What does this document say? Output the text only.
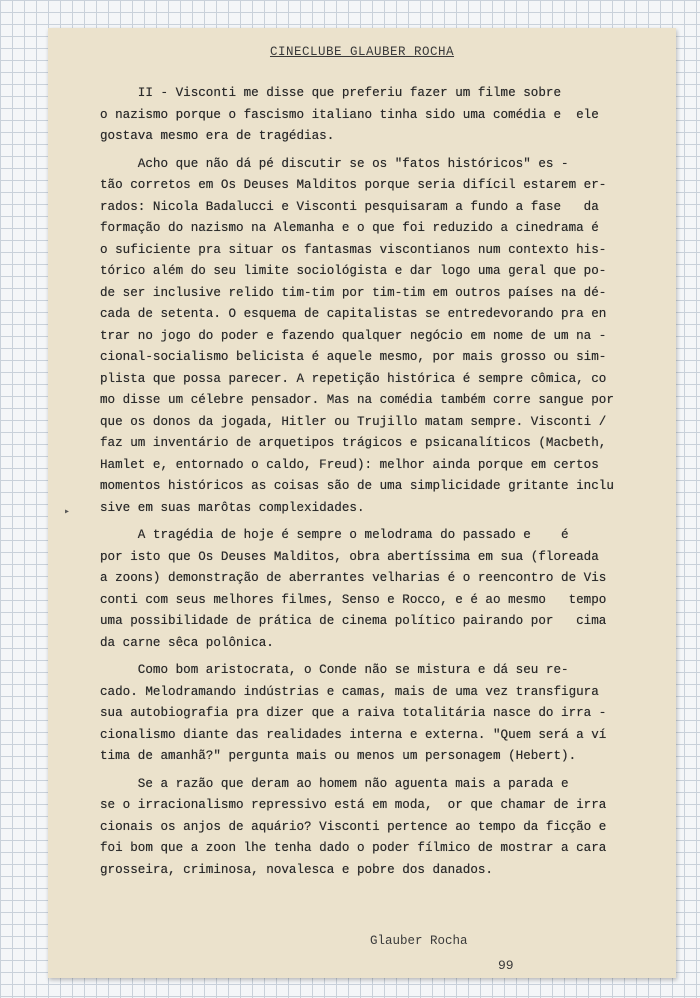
CINECLUBE GLAUBER ROCHA
▸
II - Visconti me disse que preferiu fazer um filme sobre
o nazismo porque o fascismo italiano tinha sido uma comédia e  ele
gostava mesmo era de tragédias.
Acho que não dá pé discutir se os "fatos históricos" es -
tão corretos em Os Deuses Malditos porque seria difícil estarem er-
rados: Nicola Badalucci e Visconti pesquisaram a fundo a fase   da
formação do nazismo na Alemanha e o que foi reduzido a cinedrama é
o suficiente pra situar os fantasmas viscontianos num contexto his-
tórico além do seu limite sociológista e dar logo uma geral que po-
de ser inclusive relido tim-tim por tim-tim em outros países na dé-
cada de setenta. O esquema de capitalistas se entredevorando pra en
trar no jogo do poder e fazendo qualquer negócio em nome de um na -
cional-socialismo belicista é aquele mesmo, por mais grosso ou sim-
plista que possa parecer. A repetição histórica é sempre cômica, co
mo disse um célebre pensador. Mas na comédia também corre sangue por
que os donos da jogada, Hitler ou Trujillo matam sempre. Visconti /
faz um inventário de arquetipos trágicos e psicanalíticos (Macbeth,
Hamlet e, entornado o caldo, Freud): melhor ainda porque em certos
momentos históricos as coisas são de uma simplicidade gritante inclu
sive em suas marôtas complexidades.
A tragédia de hoje é sempre o melodrama do passado e    é
por isto que Os Deuses Malditos, obra abertíssima em sua (floreada
a zoons) demonstração de aberrantes velharias é o reencontro de Vis
conti com seus melhores filmes, Senso e Rocco, e é ao mesmo   tempo
uma possibilidade de prática de cinema político pairando por   cima
da carne sêca polônica.
Como bom aristocrata, o Conde não se mistura e dá seu re-
cado. Melodramando indústrias e camas, mais de uma vez transfigura
sua autobiografia pra dizer que a raiva totalitária nasce do irra -
cionalismo diante das realidades interna e externa. "Quem será a ví
tima de amanhã?" pergunta mais ou menos um personagem (Hebert).
Se a razão que deram ao homem não aguenta mais a parada e
se o irracionalismo repressivo está em moda,  or que chamar de irra
cionais os anjos de aquário? Visconti pertence ao tempo da ficção e
foi bom que a zoon lhe tenha dado o poder fílmico de mostrar a cara
grosseira, criminosa, novalesca e pobre dos danados.
Glauber Rocha
99
